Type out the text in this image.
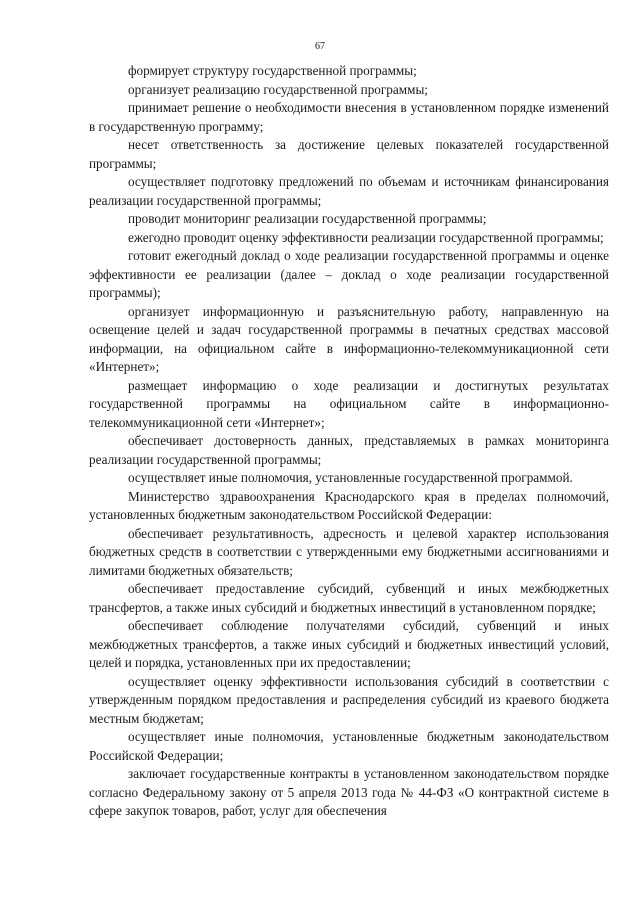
67

формирует структуру государственной программы;

организует реализацию государственной программы;

принимает решение о необходимости внесения в установленном порядке изменений в государственную программу;

несет ответственность за достижение целевых показателей государственной программы;

осуществляет подготовку предложений по объемам и источникам финансирования реализации государственной программы;

проводит мониторинг реализации государственной программы;

ежегодно проводит оценку эффективности реализации государственной программы;

готовит ежегодный доклад о ходе реализации государственной программы и оценке эффективности ее реализации (далее – доклад о ходе реализации государственной программы);

организует информационную и разъяснительную работу, направленную на освещение целей и задач государственной программы в печатных средствах массовой информации, на официальном сайте в информационно-телекоммуникационной сети «Интернет»;

размещает информацию о ходе реализации и достигнутых результатах государственной программы на официальном сайте в информационно-телекоммуникационной сети «Интернет»;

обеспечивает достоверность данных, представляемых в рамках мониторинга реализации государственной программы;

осуществляет иные полномочия, установленные государственной программой.

Министерство здравоохранения Краснодарского края в пределах полномочий, установленных бюджетным законодательством Российской Федерации:

обеспечивает результативность, адресность и целевой характер использования бюджетных средств в соответствии с утвержденными ему бюджетными ассигнованиями и лимитами бюджетных обязательств;

обеспечивает предоставление субсидий, субвенций и иных межбюджетных трансфертов, а также иных субсидий и бюджетных инвестиций в установленном порядке;

обеспечивает соблюдение получателями субсидий, субвенций и иных межбюджетных трансфертов, а также иных субсидий и бюджетных инвестиций условий, целей и порядка, установленных при их предоставлении;

осуществляет оценку эффективности использования субсидий в соответствии с утвержденным порядком предоставления и распределения субсидий из краевого бюджета местным бюджетам;

осуществляет иные полномочия, установленные бюджетным законодательством Российской Федерации;

заключает государственные контракты в установленном законодательством порядке согласно Федеральному закону от 5 апреля 2013 года № 44-ФЗ «О контрактной системе в сфере закупок товаров, работ, услуг для обеспечения
